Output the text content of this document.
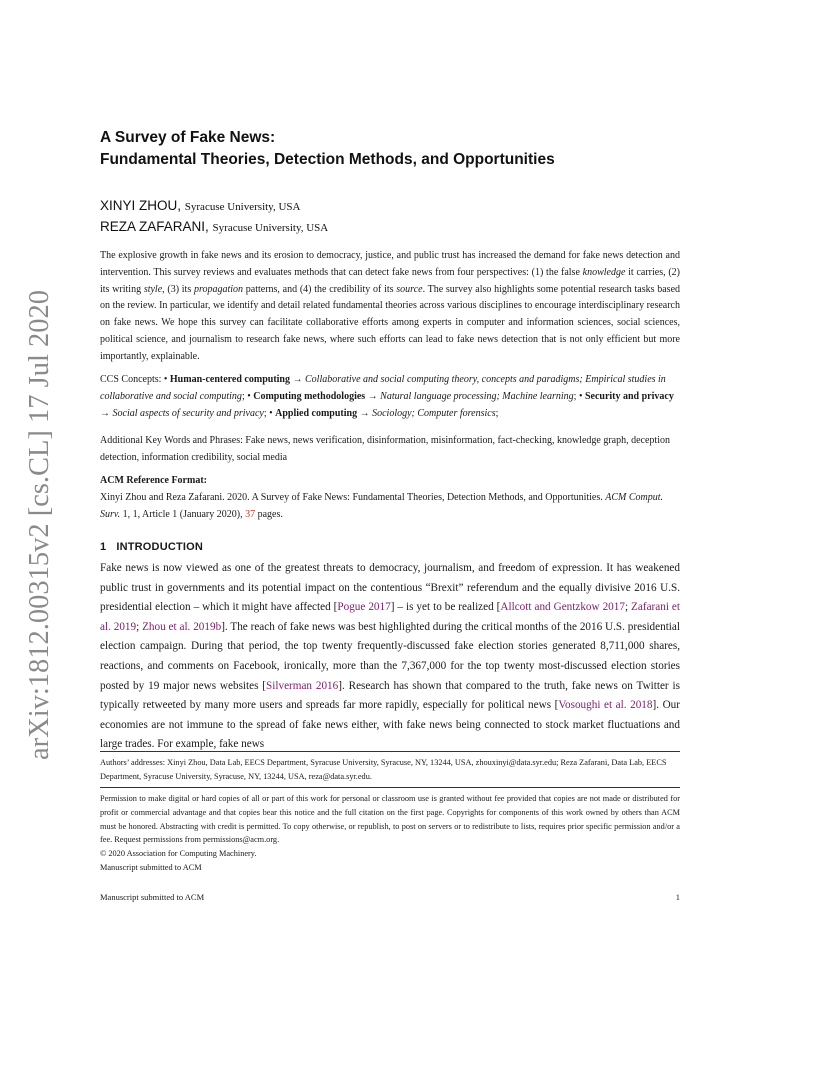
arXiv:1812.00315v2 [cs.CL] 17 Jul 2020
A Survey of Fake News:
Fundamental Theories, Detection Methods, and Opportunities
XINYI ZHOU, Syracuse University, USA
REZA ZAFARANI, Syracuse University, USA
The explosive growth in fake news and its erosion to democracy, justice, and public trust has increased the demand for fake news detection and intervention. This survey reviews and evaluates methods that can detect fake news from four perspectives: (1) the false knowledge it carries, (2) its writing style, (3) its propagation patterns, and (4) the credibility of its source. The survey also highlights some potential research tasks based on the review. In particular, we identify and detail related fundamental theories across various disciplines to encourage interdisciplinary research on fake news. We hope this survey can facilitate collaborative efforts among experts in computer and information sciences, social sciences, political science, and journalism to research fake news, where such efforts can lead to fake news detection that is not only efficient but more importantly, explainable.
CCS Concepts: • Human-centered computing → Collaborative and social computing theory, concepts and paradigms; Empirical studies in collaborative and social computing; • Computing methodologies → Natural language processing; Machine learning; • Security and privacy → Social aspects of security and privacy; • Applied computing → Sociology; Computer forensics;
Additional Key Words and Phrases: Fake news, news verification, disinformation, misinformation, fact-checking, knowledge graph, deception detection, information credibility, social media
ACM Reference Format:
Xinyi Zhou and Reza Zafarani. 2020. A Survey of Fake News: Fundamental Theories, Detection Methods, and Opportunities. ACM Comput. Surv. 1, 1, Article 1 (January 2020), 37 pages.
1 INTRODUCTION
Fake news is now viewed as one of the greatest threats to democracy, journalism, and freedom of expression. It has weakened public trust in governments and its potential impact on the contentious “Brexit” referendum and the equally divisive 2016 U.S. presidential election – which it might have affected [Pogue 2017] – is yet to be realized [Allcott and Gentzkow 2017; Zafarani et al. 2019; Zhou et al. 2019b]. The reach of fake news was best highlighted during the critical months of the 2016 U.S. presidential election campaign. During that period, the top twenty frequently-discussed fake election stories generated 8,711,000 shares, reactions, and comments on Facebook, ironically, more than the 7,367,000 for the top twenty most-discussed election stories posted by 19 major news websites [Silverman 2016]. Research has shown that compared to the truth, fake news on Twitter is typically retweeted by many more users and spreads far more rapidly, especially for political news [Vosoughi et al. 2018]. Our economies are not immune to the spread of fake news either, with fake news being connected to stock market fluctuations and large trades. For example, fake news
Authors’ addresses: Xinyi Zhou, Data Lab, EECS Department, Syracuse University, Syracuse, NY, 13244, USA, zhouxinyi@data.syr.edu; Reza Zafarani, Data Lab, EECS Department, Syracuse University, Syracuse, NY, 13244, USA, reza@data.syr.edu.
Permission to make digital or hard copies of all or part of this work for personal or classroom use is granted without fee provided that copies are not made or distributed for profit or commercial advantage and that copies bear this notice and the full citation on the first page. Copyrights for components of this work owned by others than ACM must be honored. Abstracting with credit is permitted. To copy otherwise, or republish, to post on servers or to redistribute to lists, requires prior specific permission and/or a fee. Request permissions from permissions@acm.org.
© 2020 Association for Computing Machinery.
Manuscript submitted to ACM
Manuscript submitted to ACM	1
